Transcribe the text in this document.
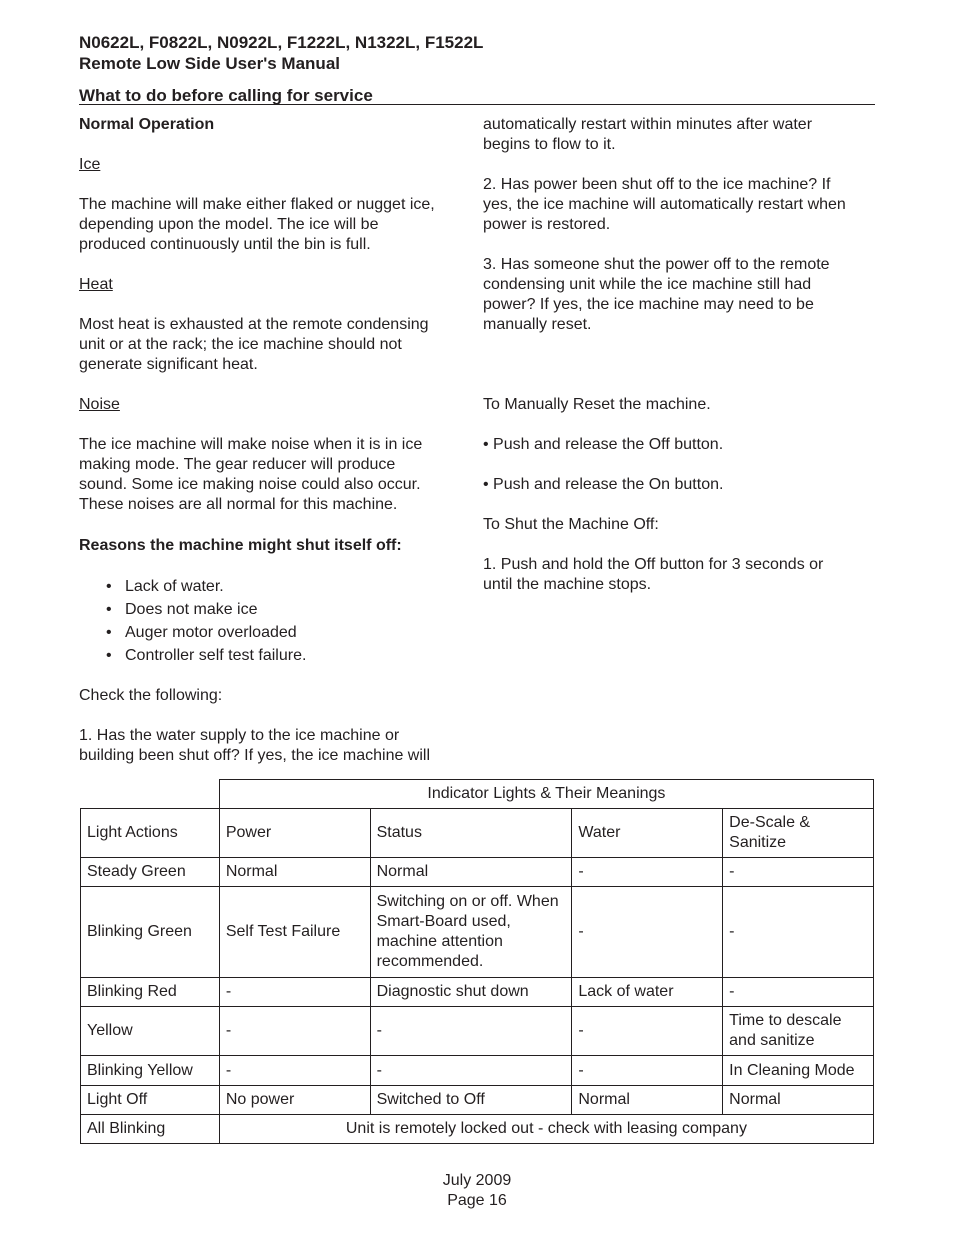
N0622L, F0822L, N0922L, F1222L, N1322L, F1522L
Remote Low Side User's Manual
What to do before calling for service

Normal Operation

Ice

The machine will make either flaked or nugget ice,

depending upon the model. The ice will be

produced continuously until the bin is full.

Heat

Most heat is exhausted at the remote condensing

unit or at the rack; the ice machine should not

generate significant heat.

Noise

The ice machine will make noise when it is in ice

making mode. The gear reducer will produce

sound. Some ice making noise could also occur.

These noises are all normal for this machine.

Reasons the machine might shut itself off:

• Lack of water.
• Does not make ice
• Auger motor overloaded
• Controller self test failure.

Check the following:

1. Has the water supply to the ice machine or

building been shut off? If yes, the ice machine will

automatically restart within minutes after water

begins to flow to it.

2. Has power been shut off to the ice machine? If

yes, the ice machine will automatically restart when

power is restored.

3. Has someone shut the power off to the remote

condensing unit while the ice machine still had

power? If yes, the ice machine may need to be

manually reset.

To Manually Reset the machine.

• Push and release the Off button.

• Push and release the On button.

To Shut the Machine Off:

1. Push and hold the Off button for 3 seconds or

until the machine stops.

	Indicator Lights & Their Meanings			
Light Actions	Power	Status	Water	De-Scale & Sanitize
Steady Green	Normal	Normal	-	-
Blinking Green	Self Test Failure	Switching on or off. When Smart-Board used, machine attention recommended.	-	-
Blinking Red	-	Diagnostic shut down	Lack of water	-
Yellow	-	-	-	Time to descale and sanitize
Blinking Yellow	-	-	-	In Cleaning Mode
Light Off	No power	Switched to Off	Normal	Normal
All Blinking	Unit is remotely locked out - check with leasing company			
July 2009
Page 16
